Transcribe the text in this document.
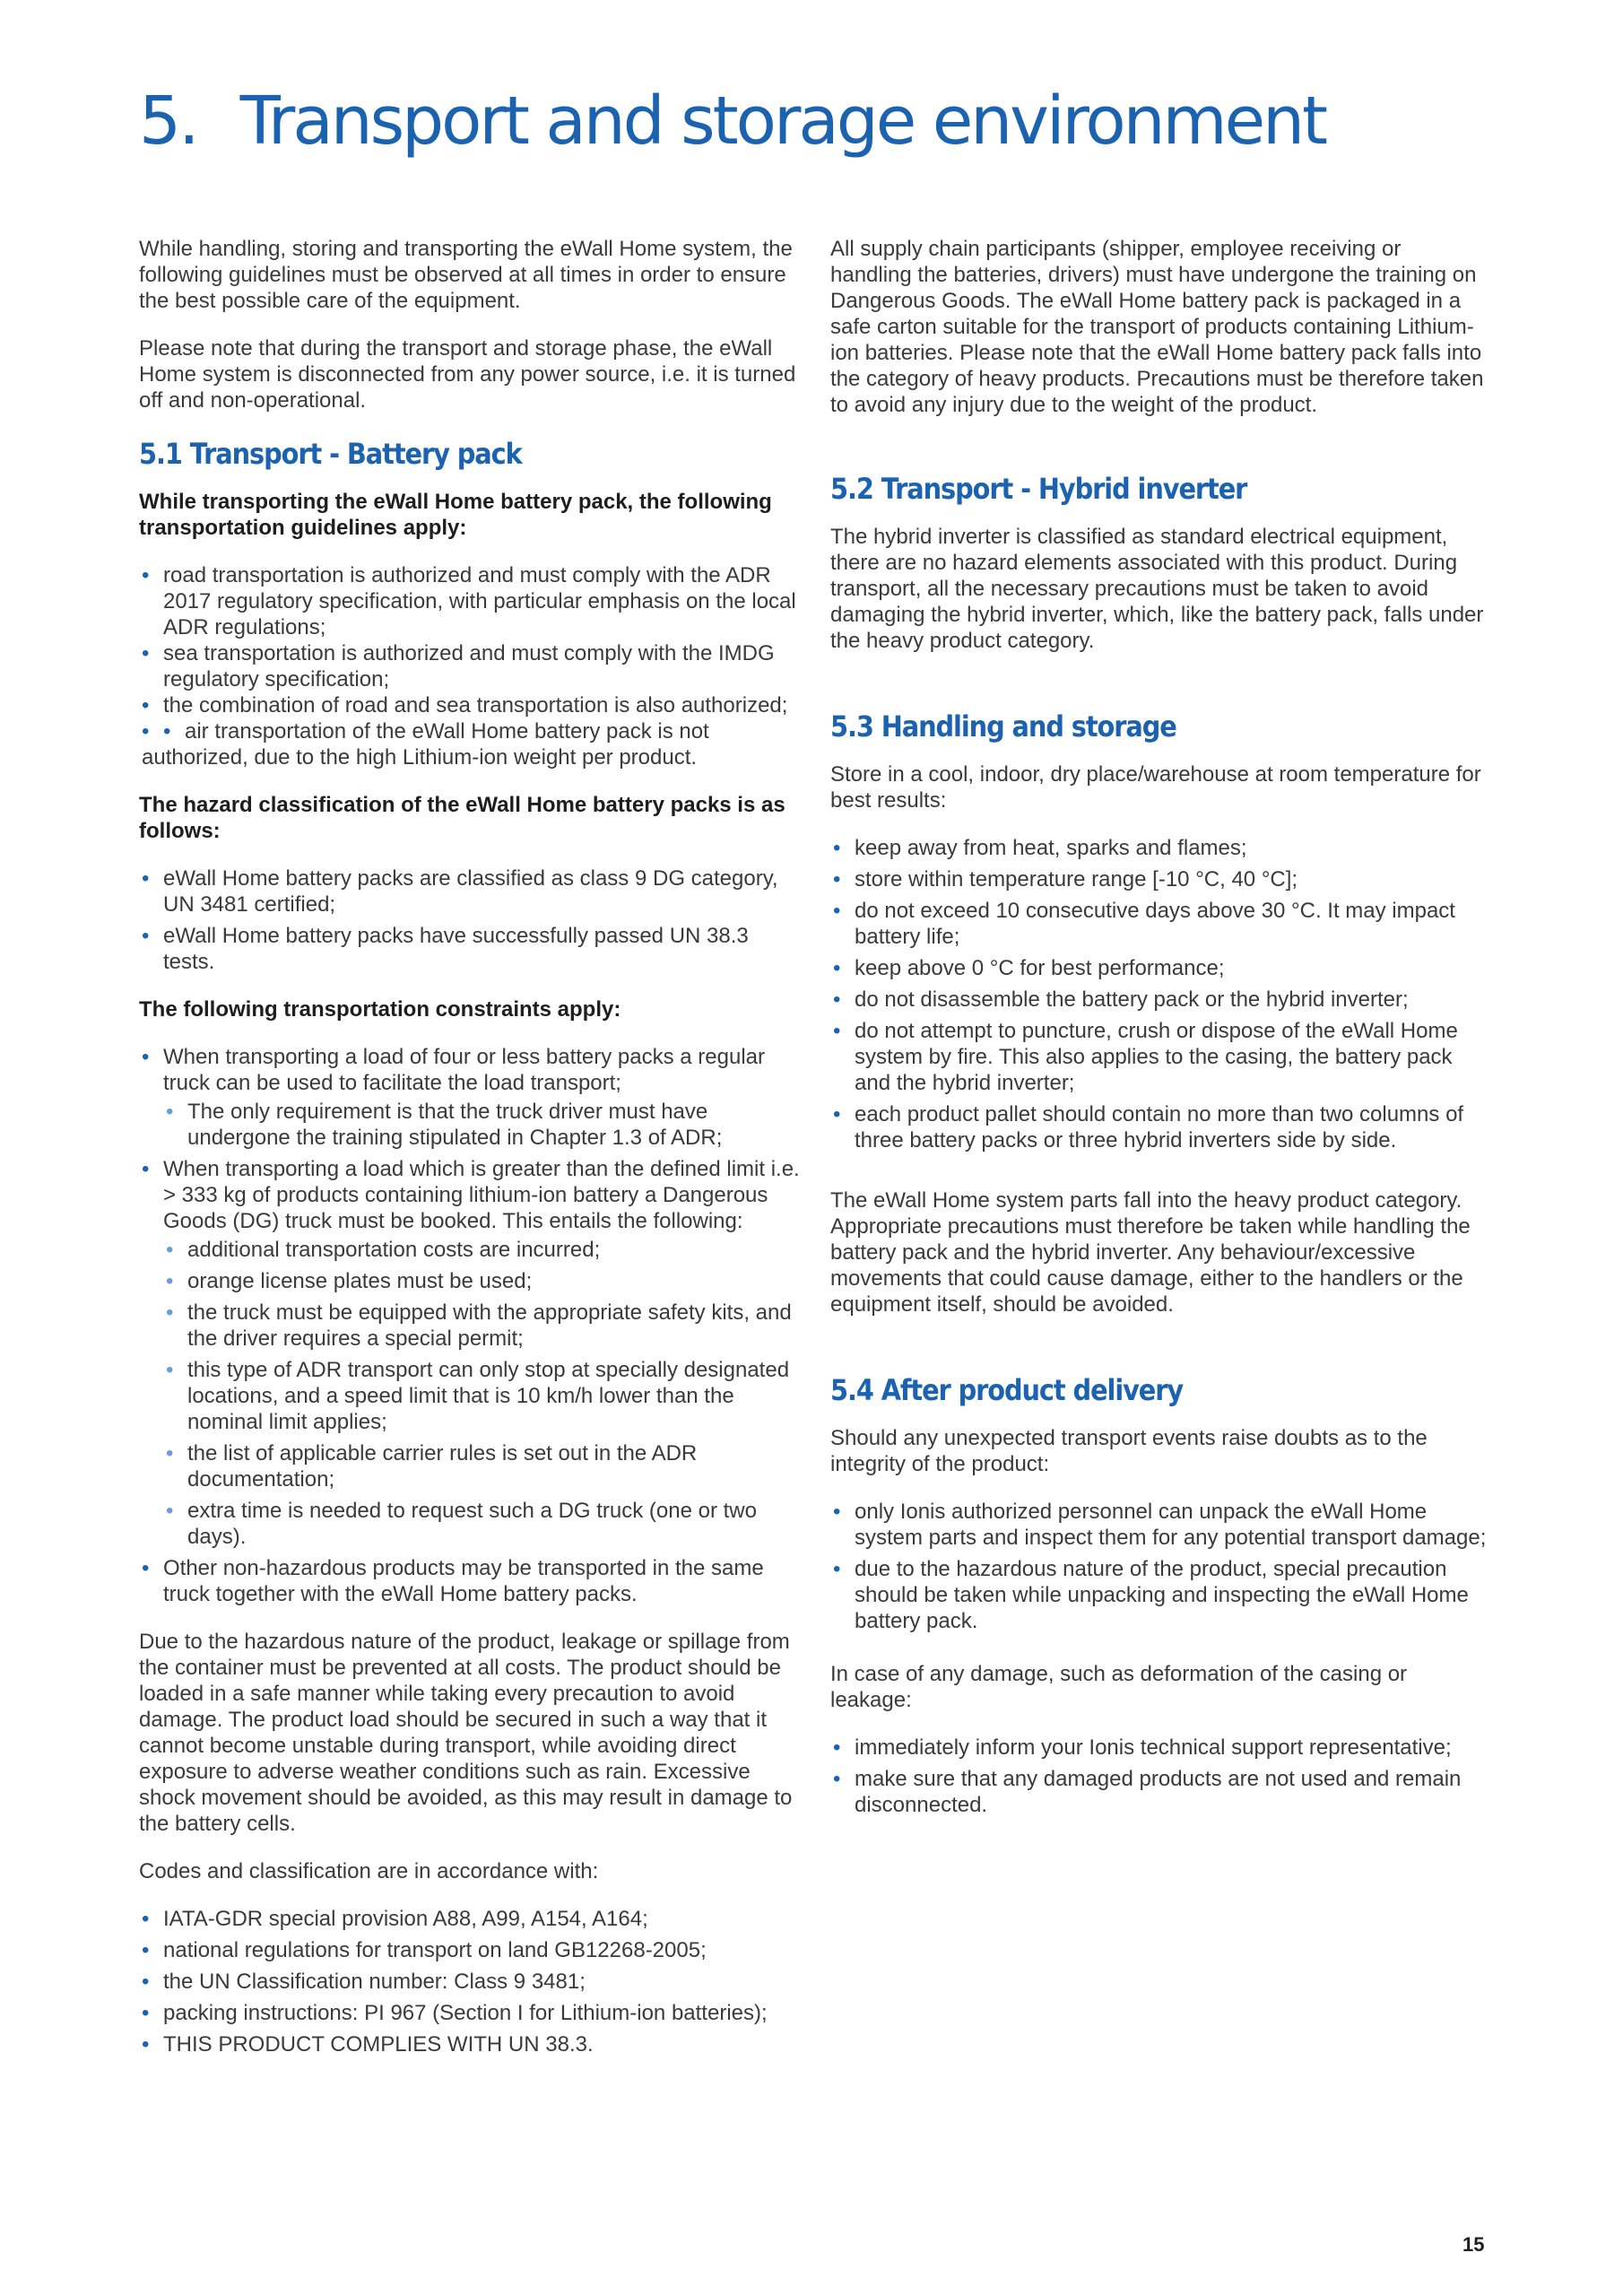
5. Transport and storage environment

While handling, storing and transporting the eWall Home system, the following guidelines must be observed at all times in order to ensure the best possible care of the equipment.

Please note that during the transport and storage phase, the eWall Home system is disconnected from any power source, i.e. it is turned off and non-operational.

5.1 Transport - Battery pack

While transporting the eWall Home battery pack, the following transportation guidelines apply:

• road transportation is authorized and must comply with the ADR 2017 regulatory specification, with particular emphasis on the local ADR regulations;
• sea transportation is authorized and must comply with the IMDG regulatory specification;
• the combination of road and sea transportation is also authorized;
• • air transportation of the eWall Home battery pack is not authorized, due to the high Lithium-ion weight per product.

The hazard classification of the eWall Home battery packs is as follows:

• eWall Home battery packs are classified as class 9 DG category, UN 3481 certified;
• eWall Home battery packs have successfully passed UN 38.3 tests.

The following transportation constraints apply:

• When transporting a load of four or less battery packs a regular truck can be used to facilitate the load transport;
• The only requirement is that the truck driver must have undergone the training stipulated in Chapter 1.3 of ADR;
• When transporting a load which is greater than the defined limit i.e. > 333 kg of products containing lithium-ion battery a Dangerous Goods (DG) truck must be booked. This entails the following:
• additional transportation costs are incurred;
• orange license plates must be used;
• the truck must be equipped with the appropriate safety kits, and the driver requires a special permit;
• this type of ADR transport can only stop at specially designated locations, and a speed limit that is 10 km/h lower than the nominal limit applies;
• the list of applicable carrier rules is set out in the ADR documentation;
• extra time is needed to request such a DG truck (one or two days).
• Other non-hazardous products may be transported in the same truck together with the eWall Home battery packs.

Due to the hazardous nature of the product, leakage or spillage from the container must be prevented at all costs. The product should be loaded in a safe manner while taking every precaution to avoid damage. The product load should be secured in such a way that it cannot become unstable during transport, while avoiding direct exposure to adverse weather conditions such as rain. Excessive shock movement should be avoided, as this may result in damage to the battery cells.

Codes and classification are in accordance with:

• IATA-GDR special provision A88, A99, A154, A164;
• national regulations for transport on land GB12268-2005;
• the UN Classification number: Class 9 3481;
• packing instructions: PI 967 (Section I for Lithium-ion batteries);
• THIS PRODUCT COMPLIES WITH UN 38.3.

All supply chain participants (shipper, employee receiving or handling the batteries, drivers) must have undergone the training on Dangerous Goods. The eWall Home battery pack is packaged in a safe carton suitable for the transport of products containing Lithium-ion batteries. Please note that the eWall Home battery pack falls into the category of heavy products. Precautions must be therefore taken to avoid any injury due to the weight of the product.

5.2 Transport - Hybrid inverter

The hybrid inverter is classified as standard electrical equipment, there are no hazard elements associated with this product. During transport, all the necessary precautions must be taken to avoid damaging the hybrid inverter, which, like the battery pack, falls under the heavy product category.

5.3 Handling and storage

Store in a cool, indoor, dry place/warehouse at room temperature for best results:

• keep away from heat, sparks and flames;
• store within temperature range [-10 °C, 40 °C];
• do not exceed 10 consecutive days above 30 °C. It may impact battery life;
• keep above 0 °C for best performance;
• do not disassemble the battery pack or the hybrid inverter;
• do not attempt to puncture, crush or dispose of the eWall Home system by fire. This also applies to the casing, the battery pack and the hybrid inverter;
• each product pallet should contain no more than two columns of three battery packs or three hybrid inverters side by side.

The eWall Home system parts fall into the heavy product category. Appropriate precautions must therefore be taken while handling the battery pack and the hybrid inverter. Any behaviour/excessive movements that could cause damage, either to the handlers or the equipment itself, should be avoided.

5.4 After product delivery

Should any unexpected transport events raise doubts as to the integrity of the product:

• only Ionis authorized personnel can unpack the eWall Home system parts and inspect them for any potential transport damage;
• due to the hazardous nature of the product, special precaution should be taken while unpacking and inspecting the eWall Home battery pack.

In case of any damage, such as deformation of the casing or leakage:

• immediately inform your Ionis technical support representative;
• make sure that any damaged products are not used and remain disconnected.
15
